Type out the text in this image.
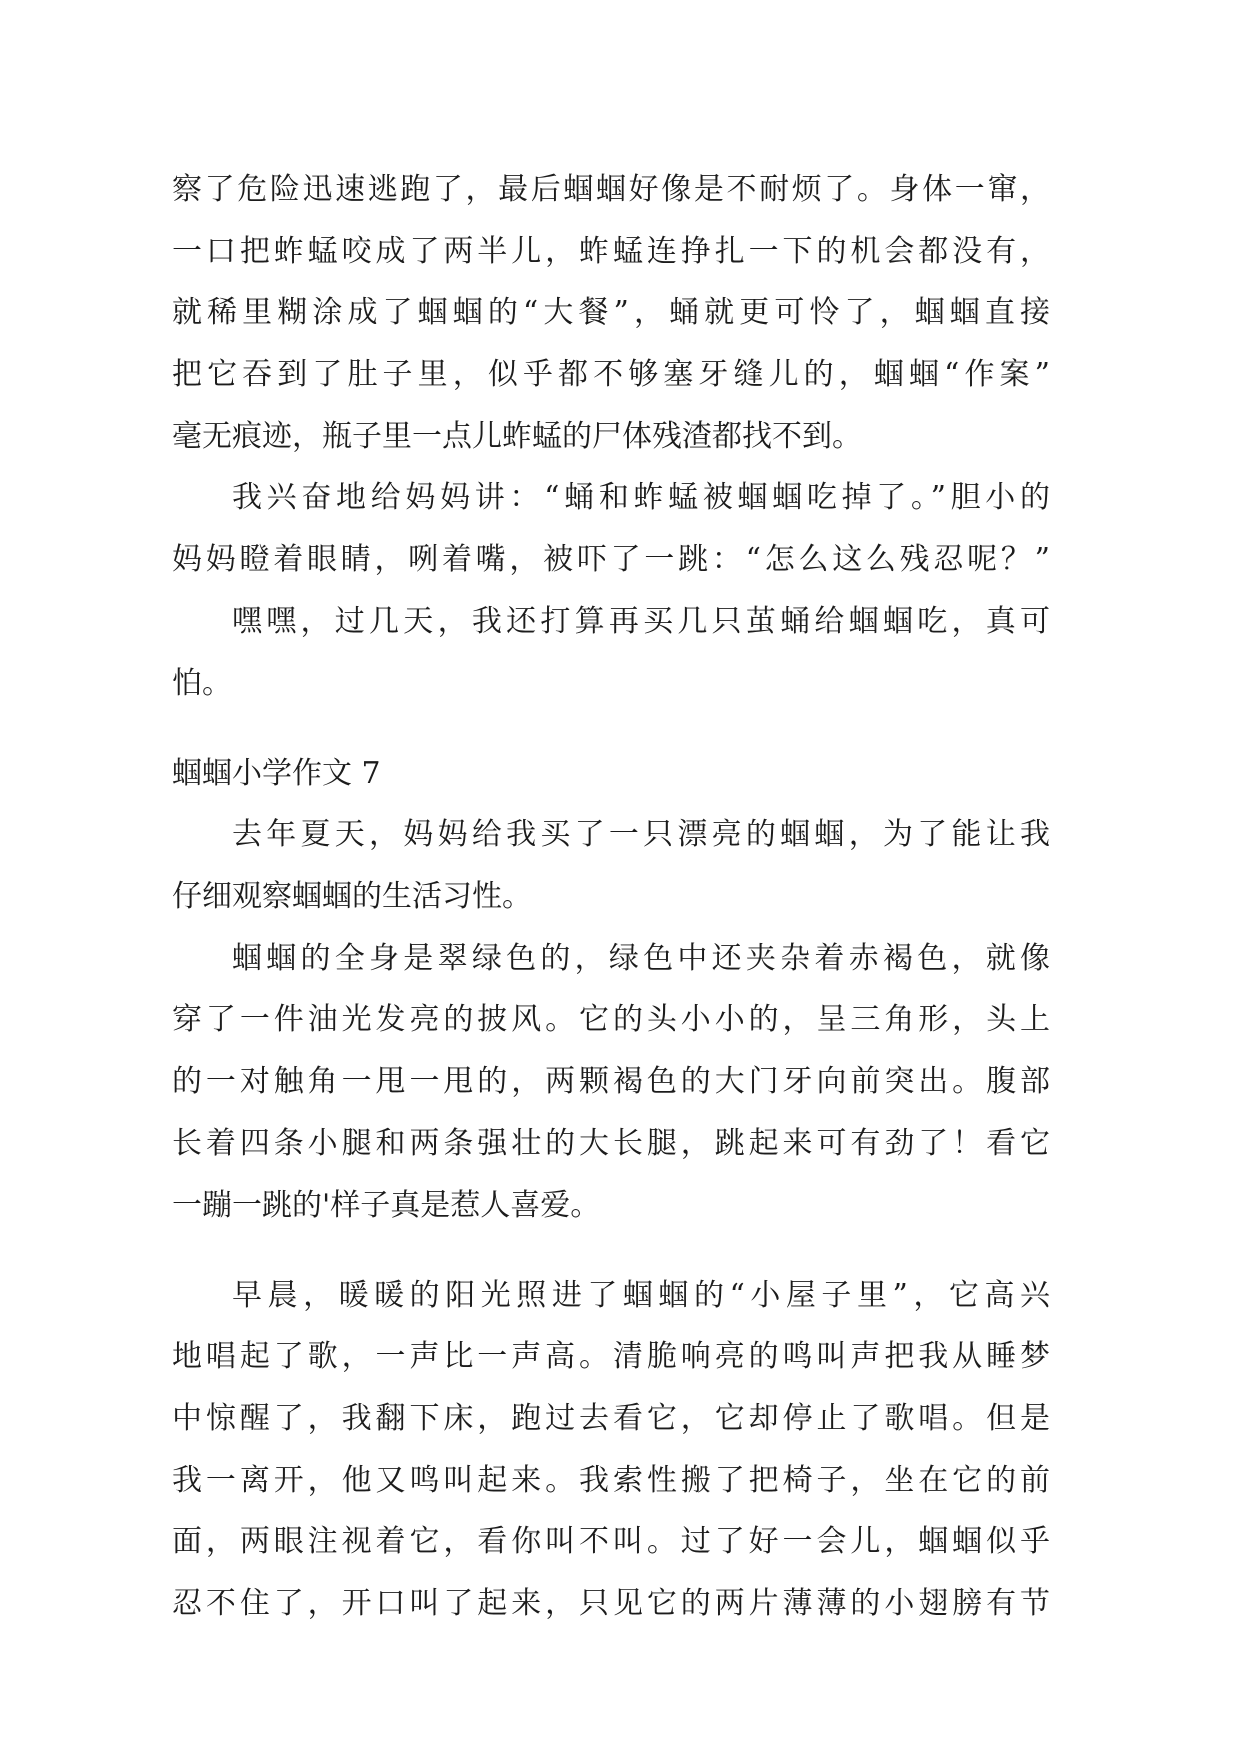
察了危险迅速逃跑了，最后蝈蝈好像是不耐烦了。身体一窜，
一口把蚱蜢咬成了两半儿，蚱蜢连挣扎一下的机会都没有，
就稀里糊涂成了蝈蝈的“大餐”，蛹就更可怜了，蝈蝈直接
把它吞到了肚子里，似乎都不够塞牙缝儿的，蝈蝈“作案”
毫无痕迹，瓶子里一点儿蚱蜢的尸体残渣都找不到。
我兴奋地给妈妈讲：“蛹和蚱蜢被蝈蝈吃掉了。”胆小的
妈妈瞪着眼睛，咧着嘴，被吓了一跳：“怎么这么残忍呢？”
嘿嘿，过几天，我还打算再买几只茧蛹给蝈蝈吃，真可
怕。
蝈蝈小学作文 7
去年夏天，妈妈给我买了一只漂亮的蝈蝈，为了能让我
仔细观察蝈蝈的生活习性。
蝈蝈的全身是翠绿色的，绿色中还夹杂着赤褐色，就像
穿了一件油光发亮的披风。它的头小小的，呈三角形，头上
的一对触角一甩一甩的，两颗褐色的大门牙向前突出。腹部
长着四条小腿和两条强壮的大长腿，跳起来可有劲了！看它
一蹦一跳的'样子真是惹人喜爱。
早晨，暖暖的阳光照进了蝈蝈的“小屋子里”，它高兴
地唱起了歌，一声比一声高。清脆响亮的鸣叫声把我从睡梦
中惊醒了，我翻下床，跑过去看它，它却停止了歌唱。但是
我一离开，他又鸣叫起来。我索性搬了把椅子，坐在它的前
面，两眼注视着它，看你叫不叫。过了好一会儿，蝈蝈似乎
忍不住了，开口叫了起来，只见它的两片薄薄的小翅膀有节
